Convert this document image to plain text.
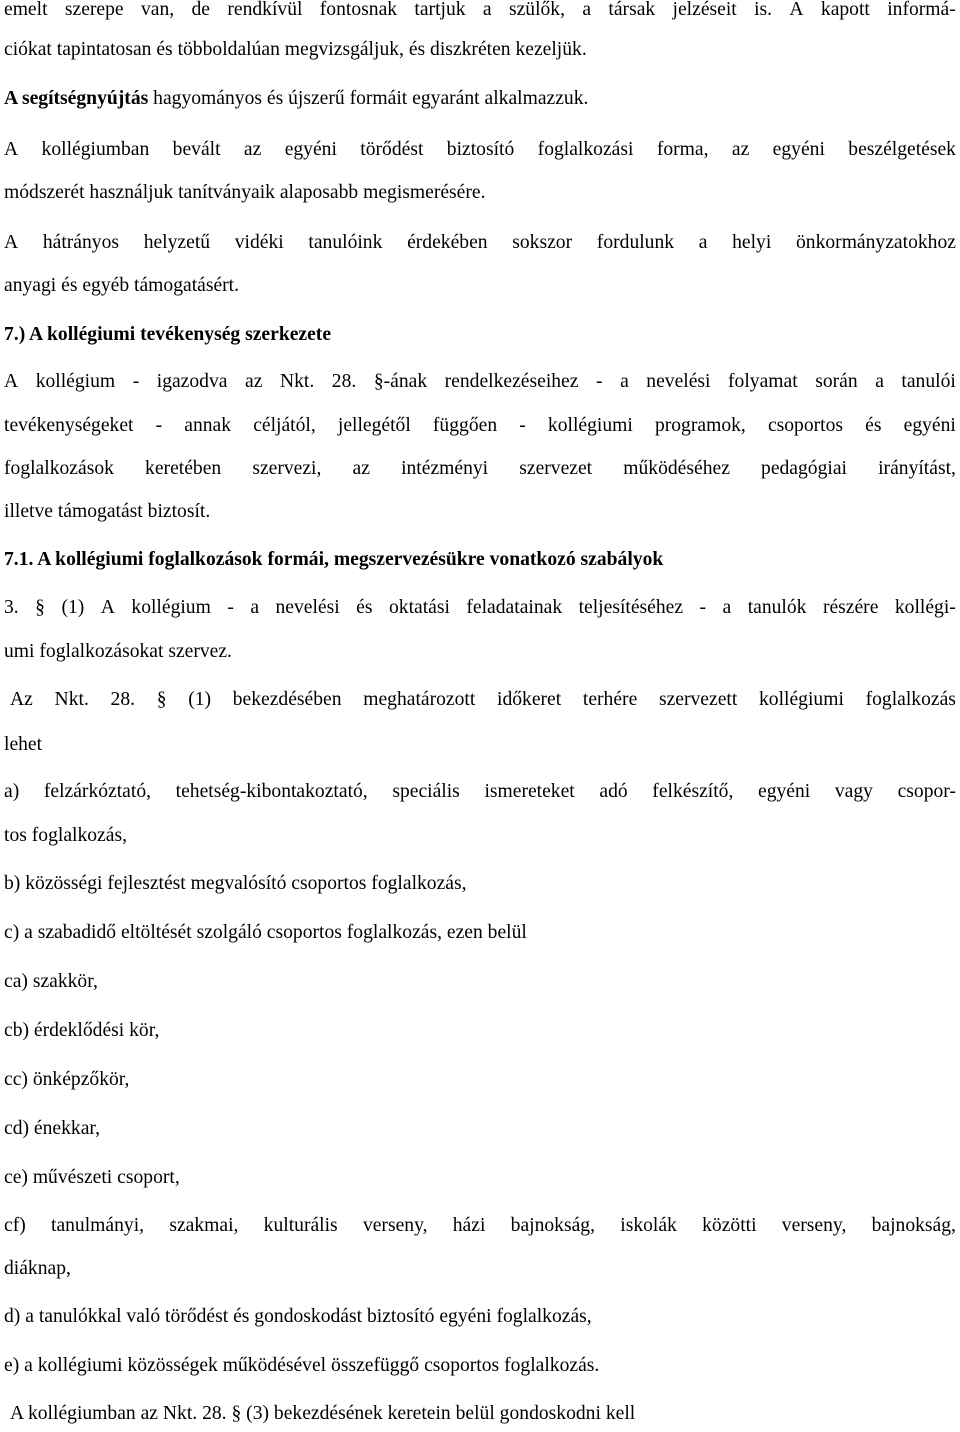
emelt szerepe van, de rendkívül fontosnak tartjuk a szülők, a társak jelzéseit is. A kapott informá-
ciókat tapintatosan és többoldalúan megvizsgáljuk, és diszkréten kezeljük.
A segítségnyújtás hagyományos és újszerű formáit egyaránt alkalmazzuk.
A kollégiumban bevált az egyéni törődést biztosító foglalkozási forma, az egyéni beszélgetések
módszerét használjuk tanítványaik alaposabb megismerésére.
A hátrányos helyzetű vidéki tanulóink érdekében sokszor fordulunk a helyi önkormányzatokhoz
anyagi és egyéb támogatásért.
7.) A kollégiumi tevékenység szerkezete
A kollégium - igazodva az Nkt. 28. §-ának rendelkezéseihez - a nevelési folyamat során a tanulói
tevékenységeket - annak céljától, jellegétől függően - kollégiumi programok, csoportos és egyéni
foglalkozások keretében szervezi, az intézményi szervezet működéséhez pedagógiai irányítást,
illetve támogatást biztosít.
7.1. A kollégiumi foglalkozások formái, megszervezésükre vonatkozó szabályok
3. § (1) A kollégium - a nevelési és oktatási feladatainak teljesítéséhez - a tanulók részére kollégi-
umi foglalkozásokat szervez.
Az Nkt. 28. § (1) bekezdésében meghatározott időkeret terhére szervezett kollégiumi foglalkozás
lehet
a) felzárkóztató, tehetség-kibontakoztató, speciális ismereteket adó felkészítő, egyéni vagy csopor-
tos foglalkozás,
b) közösségi fejlesztést megvalósító csoportos foglalkozás,
c) a szabadidő eltöltését szolgáló csoportos foglalkozás, ezen belül
ca) szakkör,
cb) érdeklődési kör,
cc) önképzőkör,
cd) énekkar,
ce) művészeti csoport,
cf) tanulmányi, szakmai, kulturális verseny, házi bajnokság, iskolák közötti verseny, bajnokság,
diáknap,
d) a tanulókkal való törődést és gondoskodást biztosító egyéni foglalkozás,
e) a kollégiumi közösségek működésével összefüggő csoportos foglalkozás.
A kollégiumban az Nkt. 28. § (3) bekezdésének keretein belül gondoskodni kell
